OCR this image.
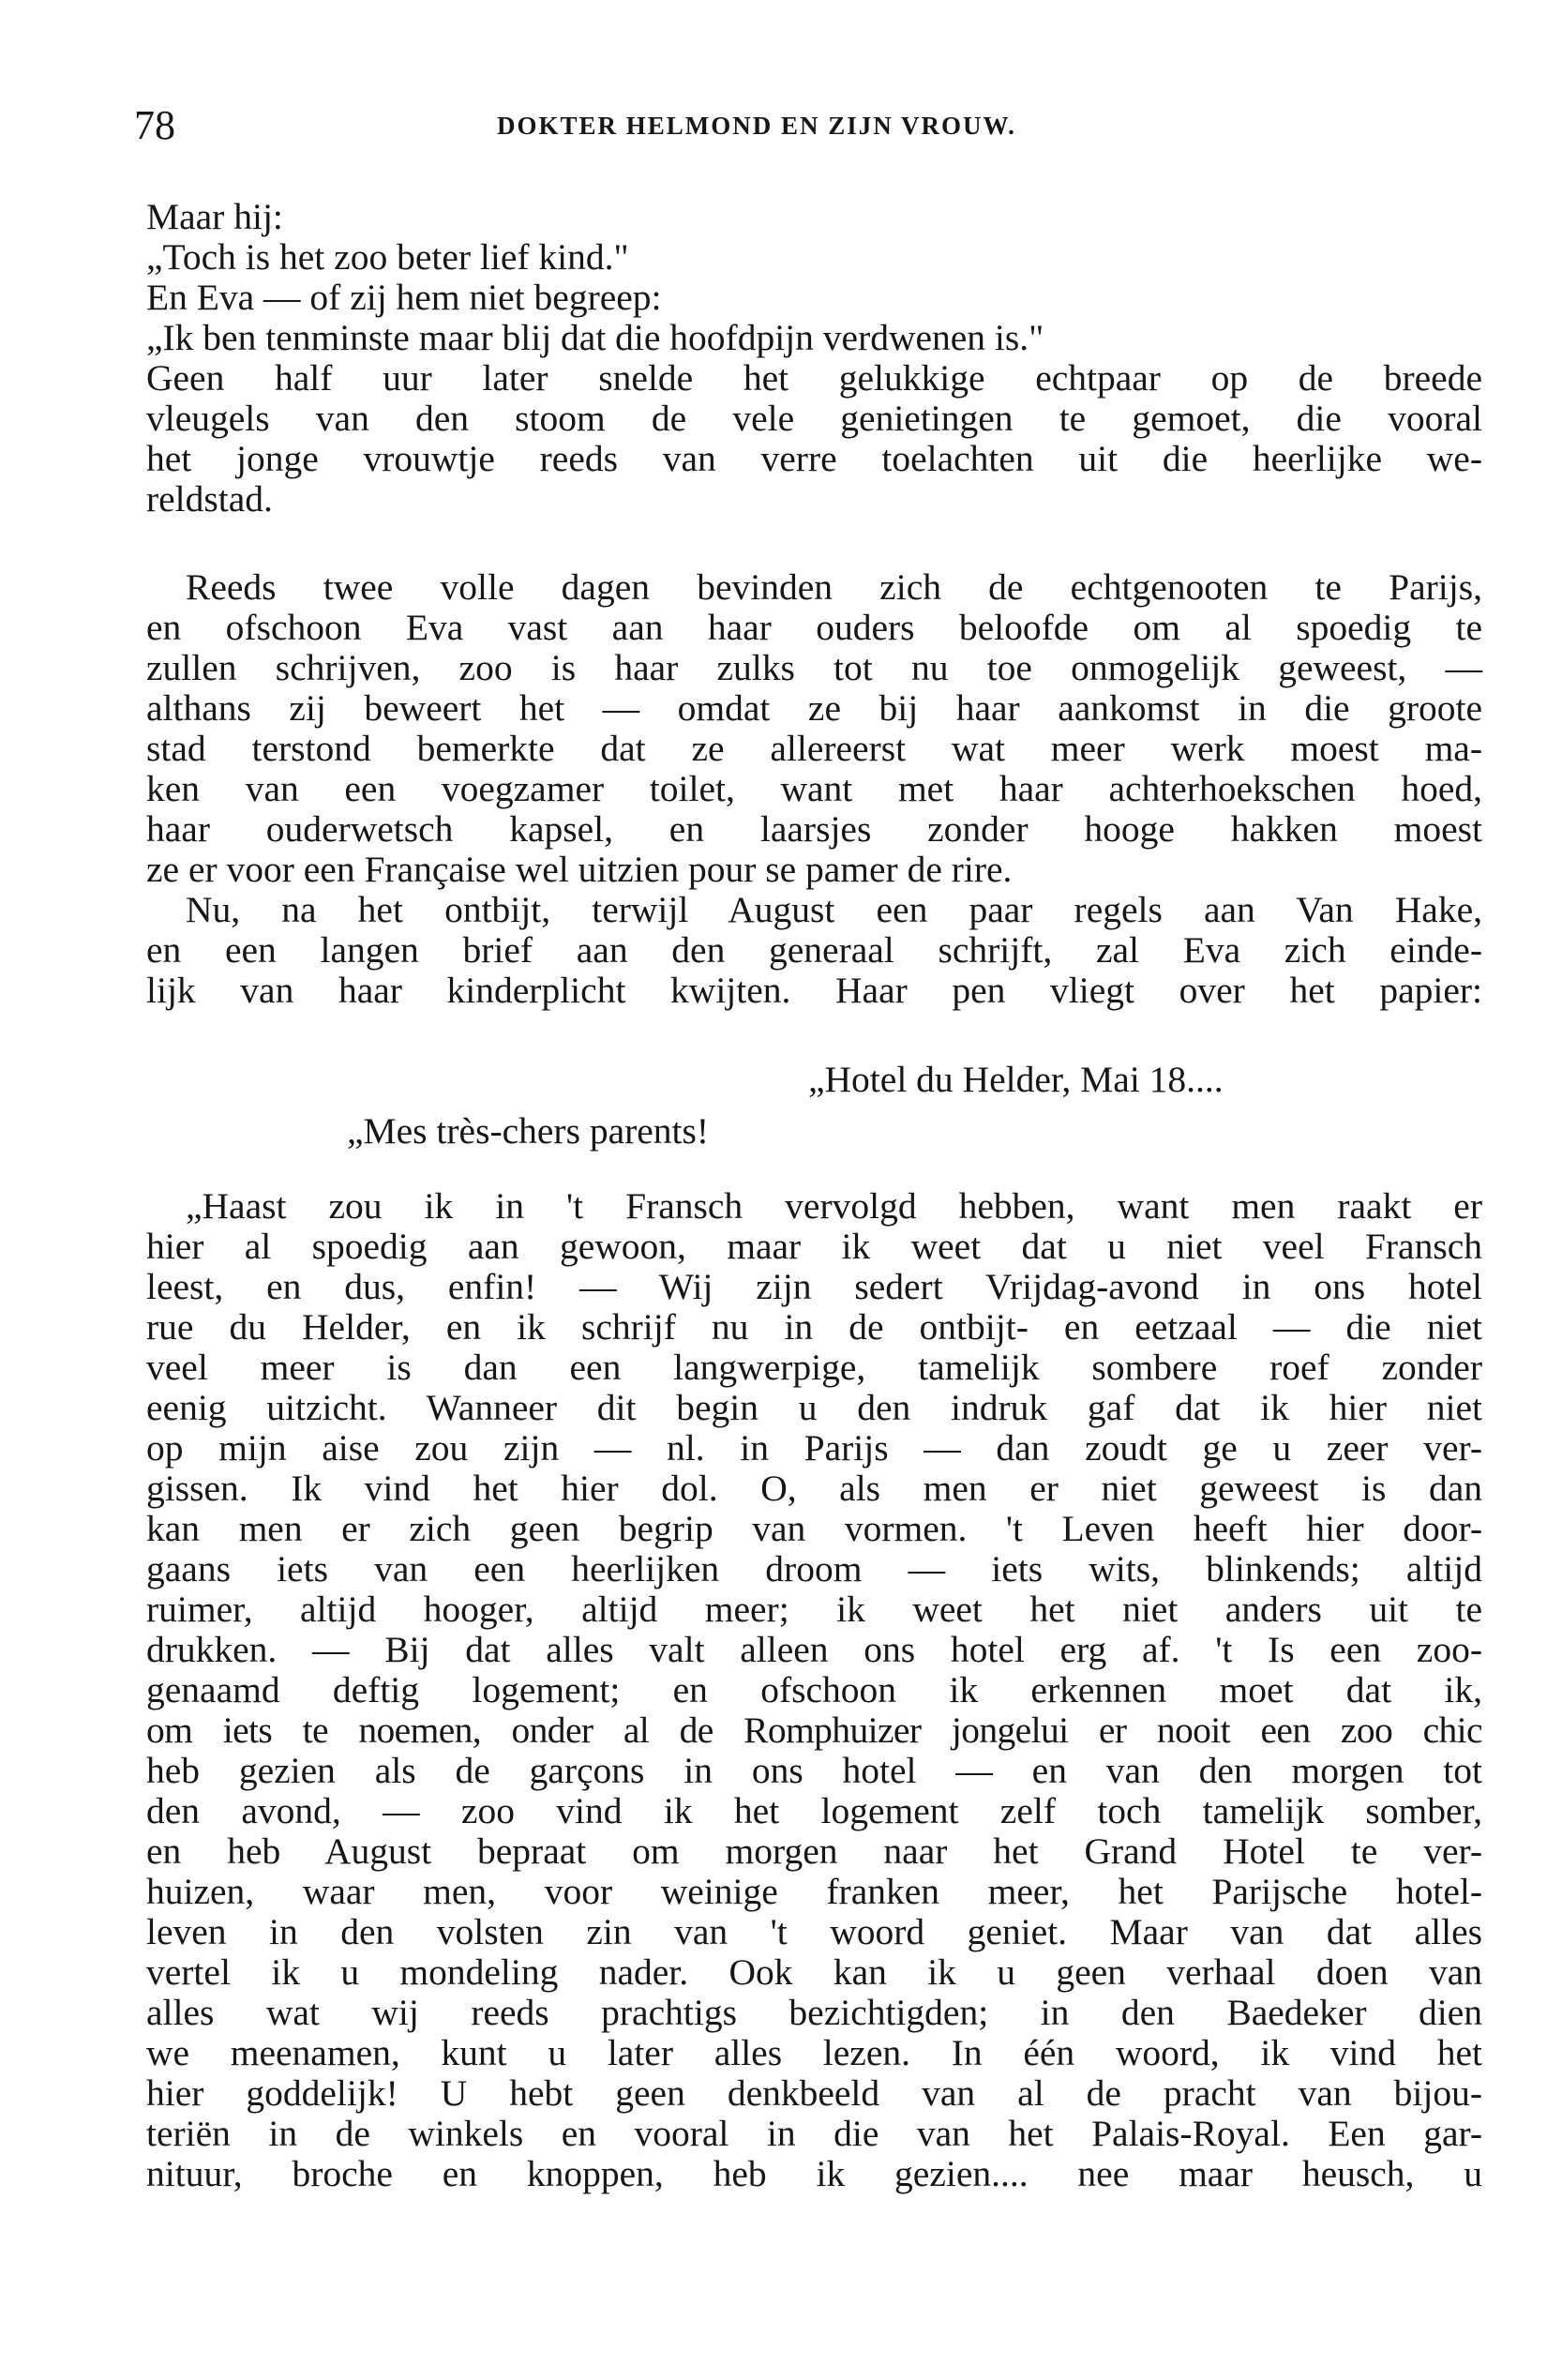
78	DOKTER HELMOND EN ZIJN VROUW.
Maar hij:
„Toch is het zoo beter lief kind."
En Eva — of zij hem niet begreep:
„Ik ben tenminste maar blij dat die hoofdpijn verdwenen is."
Geen half uur later snelde het gelukkige echtpaar op de breede
vleugels van den stoom de vele genietingen te gemoet, die vooral
het jonge vrouwtje reeds van verre toelachten uit die heerlijke we-
reldstad.
Reeds twee volle dagen bevinden zich de echtgenooten te Parijs,
en ofschoon Eva vast aan haar ouders beloofde om al spoedig te
zullen schrijven, zoo is haar zulks tot nu toe onmogelijk geweest, —
althans zij beweert het — omdat ze bij haar aankomst in die groote
stad terstond bemerkte dat ze allereerst wat meer werk moest ma-
ken van een voegzamer toilet, want met haar achterhoekschen hoed,
haar ouderwetsch kapsel, en laarsjes zonder hooge hakken moest
ze er voor een Française wel uitzien pour se pamer de rire.
Nu, na het ontbijt, terwijl August een paar regels aan Van Hake,
en een langen brief aan den generaal schrijft, zal Eva zich einde-
lijk van haar kinderplicht kwijten. Haar pen vliegt over het papier:
„Hotel du Helder, Mai 18....
„Mes très-chers parents!
„Haast zou ik in 't Fransch vervolgd hebben, want men raakt er
hier al spoedig aan gewoon, maar ik weet dat u niet veel Fransch
leest, en dus, enfin! — Wij zijn sedert Vrijdag-avond in ons hotel
rue du Helder, en ik schrijf nu in de ontbijt- en eetzaal — die niet
veel meer is dan een langwerpige, tamelijk sombere roef zonder
eenig uitzicht. Wanneer dit begin u den indruk gaf dat ik hier niet
op mijn aise zou zijn — nl. in Parijs — dan zoudt ge u zeer ver-
gissen. Ik vind het hier dol. O, als men er niet geweest is dan
kan men er zich geen begrip van vormen. 't Leven heeft hier door-
gaans iets van een heerlijken droom — iets wits, blinkends; altijd
ruimer, altijd hooger, altijd meer; ik weet het niet anders uit te
drukken. — Bij dat alles valt alleen ons hotel erg af. 't Is een zoo-
genaamd deftig logement; en ofschoon ik erkennen moet dat ik,
om iets te noemen, onder al de Romphuizer jongelui er nooit een zoo chic
heb gezien als de garçons in ons hotel — en van den morgen tot
den avond, — zoo vind ik het logement zelf toch tamelijk somber,
en heb August bepraat om morgen naar het Grand Hotel te ver-
huizen, waar men, voor weinige franken meer, het Parijsche hotel-
leven in den volsten zin van 't woord geniet. Maar van dat alles
vertel ik u mondeling nader. Ook kan ik u geen verhaal doen van
alles wat wij reeds prachtigs bezichtigden; in den Baedeker dien
we meenamen, kunt u later alles lezen. In één woord, ik vind het
hier goddelijk! U hebt geen denkbeeld van al de pracht van bijou-
teriën in de winkels en vooral in die van het Palais-Royal. Een gar-
nituur, broche en knoppen, heb ik gezien.... nee maar heusch, u
